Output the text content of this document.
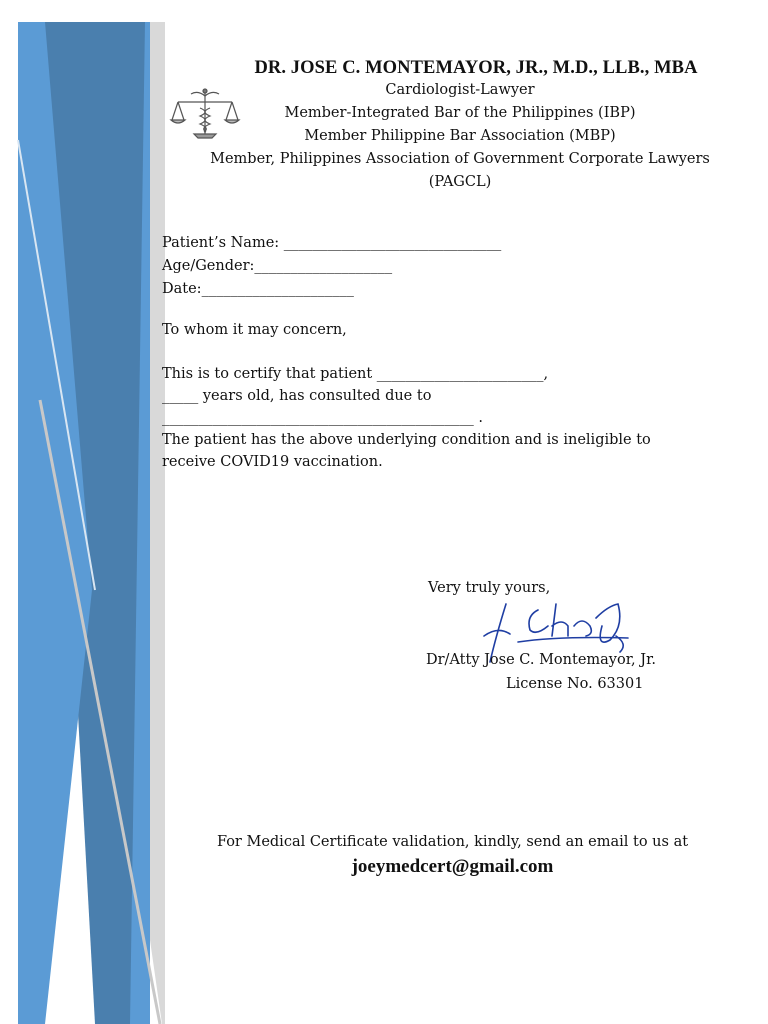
DR. JOSE C. MONTEMAYOR, JR., M.D., LLB., MBA
Cardiologist-Lawyer
Member-Integrated Bar of the Philippines (IBP)
Member Philippine Bar Association (MBP)
Member, Philippines Association of Government Corporate Lawyers
(PAGCL)
Patient’s Name: ______________________________
Age/Gender:___________________
Date:_____________________
To whom it may concern,
This is to certify that patient _______________________,
_____ years old, has consulted due to
___________________________________________ .
The patient has the above underlying condition and is ineligible to
receive COVID19 vaccination.
Very truly yours,
Dr/Atty Jose C. Montemayor, Jr.
License No. 63301
For Medical Certificate validation, kindly, send an email to us at
joeymedcert@gmail.com
